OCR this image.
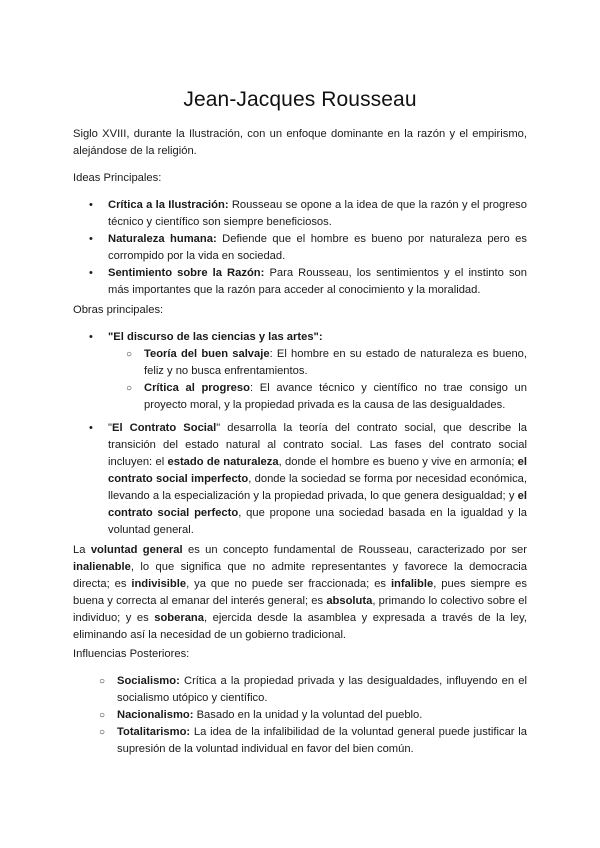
Jean-Jacques Rousseau

Siglo XVIII, durante la Ilustración, con un enfoque dominante en la razón y el empirismo, alejándose de la religión.

Ideas Principales:

• Crítica a la Ilustración: Rousseau se opone a la idea de que la razón y el progreso técnico y científico son siempre beneficiosos.
• Naturaleza humana: Defiende que el hombre es bueno por naturaleza pero es corrompido por la vida en sociedad.
• Sentimiento sobre la Razón: Para Rousseau, los sentimientos y el instinto son más importantes que la razón para acceder al conocimiento y la moralidad.

Obras principales:

• "El discurso de las ciencias y las artes":
○ Teoría del buen salvaje: El hombre en su estado de naturaleza es bueno, feliz y no busca enfrentamientos.
○ Crítica al progreso: El avance técnico y científico no trae consigo un proyecto moral, y la propiedad privada es la causa de las desigualdades.
• "El Contrato Social" desarrolla la teoría del contrato social, que describe la transición del estado natural al contrato social. Las fases del contrato social incluyen: el estado de naturaleza, donde el hombre es bueno y vive en armonía; el contrato social imperfecto, donde la sociedad se forma por necesidad económica, llevando a la especialización y la propiedad privada, lo que genera desigualdad; y el contrato social perfecto, que propone una sociedad basada en la igualdad y la voluntad general.

La voluntad general es un concepto fundamental de Rousseau, caracterizado por ser inalienable, lo que significa que no admite representantes y favorece la democracia directa; es indivisible, ya que no puede ser fraccionada; es infalible, pues siempre es buena y correcta al emanar del interés general; es absoluta, primando lo colectivo sobre el individuo; y es soberana, ejercida desde la asamblea y expresada a través de la ley, eliminando así la necesidad de un gobierno tradicional.

Influencias Posteriores:

○ Socialismo: Crítica a la propiedad privada y las desigualdades, influyendo en el socialismo utópico y científico.
○ Nacionalismo: Basado en la unidad y la voluntad del pueblo.
○ Totalitarismo: La idea de la infalibilidad de la voluntad general puede justificar la supresión de la voluntad individual en favor del bien común.
